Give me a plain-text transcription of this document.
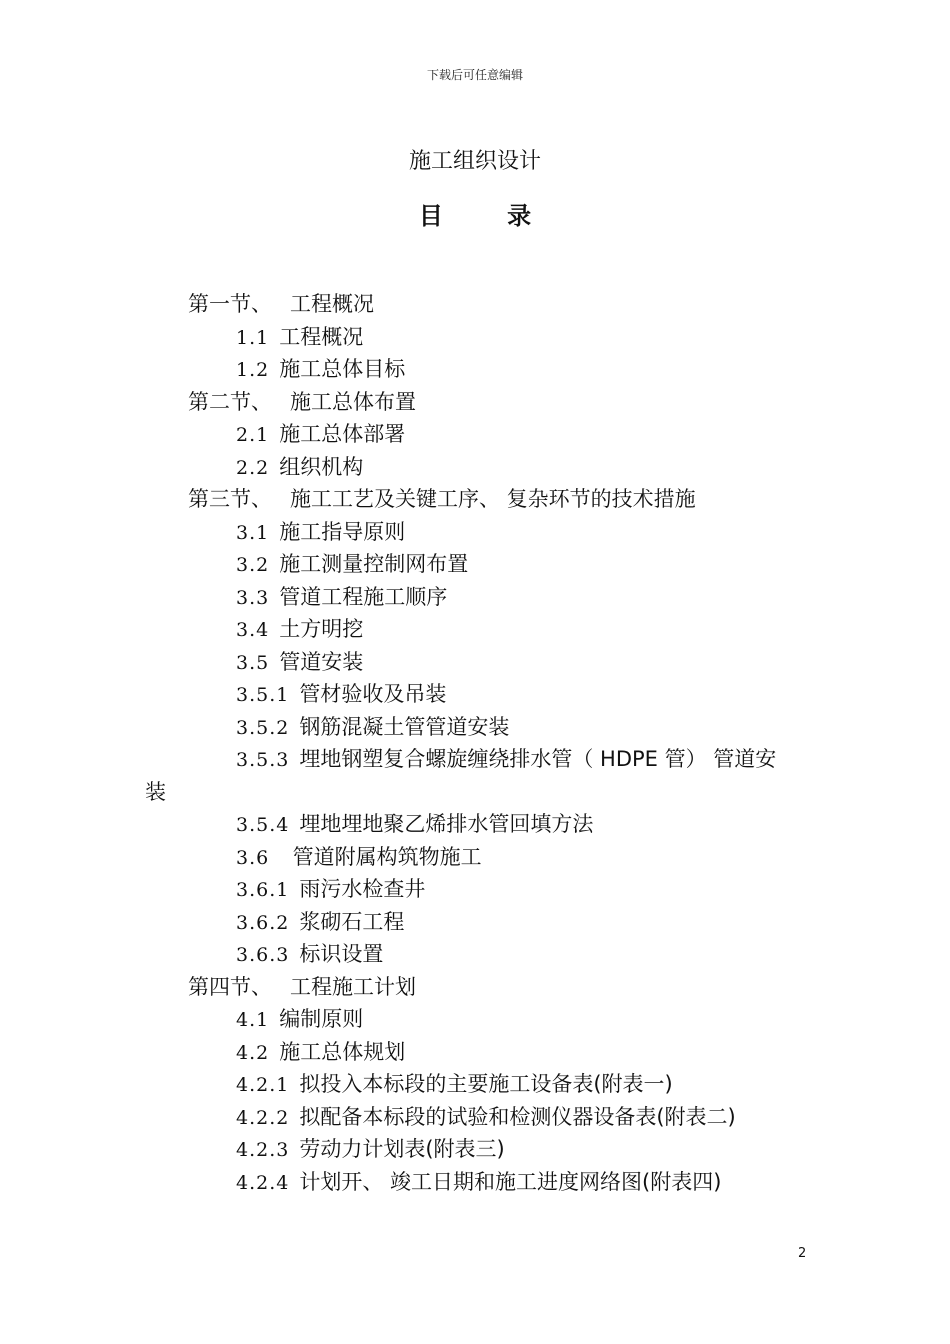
下载后可任意编辑
施工组织设计
目	录
第一节、 工程概况
1.1 工程概况
1.2 施工总体目标
第二节、 施工总体布置
2.1 施工总体部署
2.2 组织机构
第三节、 施工工艺及关键工序、 复杂环节的技术措施
3.1 施工指导原则
3.2 施工测量控制网布置
3.3 管道工程施工顺序
3.4 土方明挖
3.5 管道安装
3.5.1 管材验收及吊装
3.5.2 钢筋混凝土管管道安装
3.5.3 埋地钢塑复合螺旋缠绕排水管（ HDPE 管） 管道安
装
3.5.4 埋地埋地聚乙烯排水管回填方法
3.6  管道附属构筑物施工
3.6.1 雨污水检查井
3.6.2 浆砌石工程
3.6.3 标识设置
第四节、 工程施工计划
4.1 编制原则
4.2 施工总体规划
4.2.1 拟投入本标段的主要施工设备表(附表一)
4.2.2 拟配备本标段的试验和检测仪器设备表(附表二)
4.2.3 劳动力计划表(附表三)
4.2.4 计划开、 竣工日期和施工进度网络图(附表四)
2
